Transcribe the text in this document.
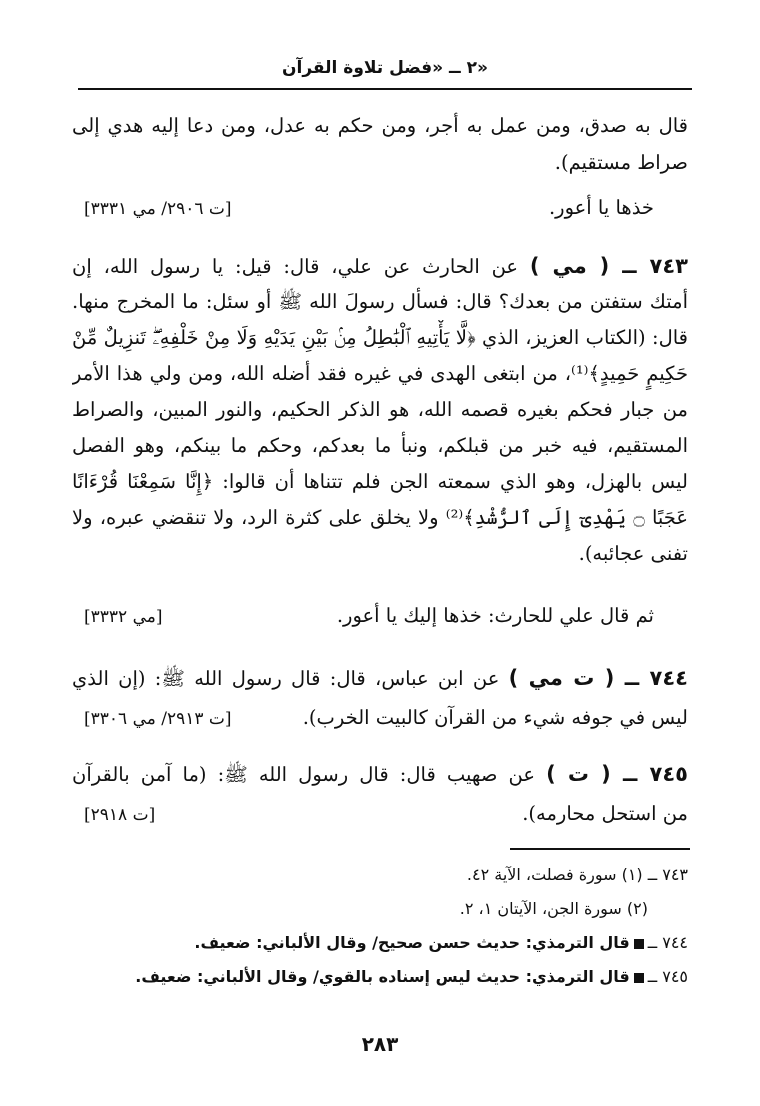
٢ ــ «فضل تلاوة القرآن»
قال به صدق، ومن عمل به أجر، ومن حكم به عدل، ومن دعا إليه هدي إلى
صراط مستقيم).
خذها يا أعور.
[ت ٢٩٠٦/ مي ٣٣٣١]
٧٤٣ ــ ( مي ) عن الحارث عن علي، قال: قيل: يا رسول الله، إن
أمتك ستفتن من بعدك؟ قال: فسأل رسولَ الله ﷺ أو سئل: ما المخرج منها.
قال: (الكتاب العزيز، الذي ﴿لَّا يَأْتِيهِ ٱلْبَٰطِلُ مِنۢ بَيْنِ يَدَيْهِ وَلَا مِنْ خَلْفِهِۦۖ تَنزِيلٌ مِّنْ
حَكِيمٍ حَمِيدٍ﴾⁽¹⁾، من ابتغى الهدى في غيره فقد أضله الله، ومن ولي هذا الأمر
من جبار فحكم بغيره قصمه الله، هو الذكر الحكيم، والنور المبين، والصراط
المستقيم، فيه خبر من قبلكم، ونبأ ما بعدكم، وحكم ما بينكم، وهو الفصل
ليس بالهزل، وهو الذي سمعته الجن فلم تتناها أن قالوا: ﴿إِنَّا سَمِعْنَا قُرْءَانًا
عَجَبًا ۝ يَهْدِىٓ إِلَى ٱلرُّشْدِ﴾⁽²⁾ ولا يخلق على كثرة الرد، ولا تنقضي عبره، ولا
تفنى عجائبه).
ثم قال علي للحارث: خذها إليك يا أعور.
[مي ٣٣٣٢]
٧٤٤ ــ ( ت مي ) عن ابن عباس، قال: قال رسول الله ﷺ: (إن الذي
ليس في جوفه شيء من القرآن كالبيت الخرب).
[ت ٢٩١٣/ مي ٣٣٠٦]
٧٤٥ ــ ( ت ) عن صهيب قال: قال رسول الله ﷺ: (ما آمن بالقرآن
من استحل محارمه).
[ت ٢٩١٨]
٧٤٣ ــ (١) سورة فصلت، الآية ٤٢.
(٢) سورة الجن، الآيتان ١، ٢.
٧٤٤ ــقال الترمذي: حديث حسن صحيح/ وقال الألباني: ضعيف.
٧٤٥ ــقال الترمذي: حديث ليس إسناده بالقوي/ وقال الألباني: ضعيف.
٢٨٣
